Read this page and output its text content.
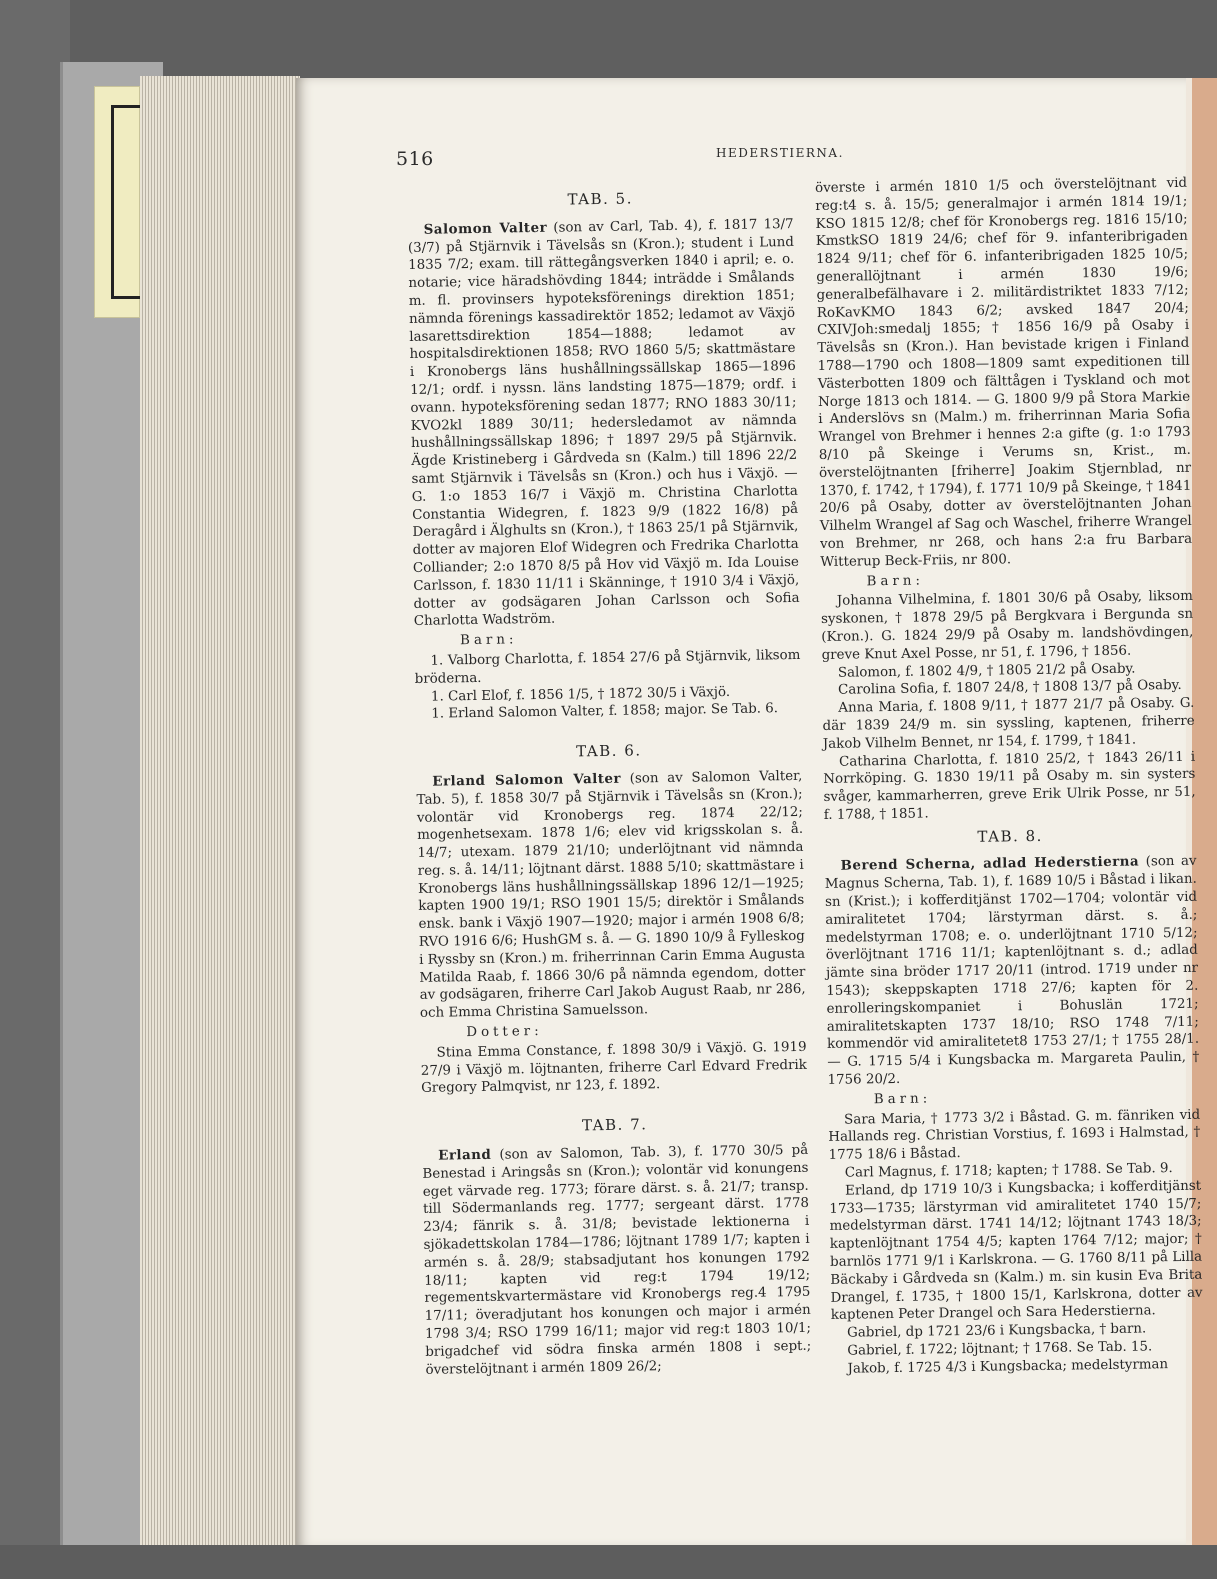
516	HEDERSTIERNA.
TAB. 5.
Salomon Valter (son av Carl, Tab. 4), f. 1817 13/7 (3/7) på Stjärnvik i Tävelsås sn (Kron.); student i Lund 1835 7/2; exam. till rättegångsverken 1840 i april; e. o. notarie; vice häradshövding 1844; inträdde i Smålands m. fl. provinsers hypoteksförenings direktion 1851; nämnda förenings kassadirektör 1852; ledamot av Växjö lasarettsdirektion 1854—1888; ledamot av hospitalsdirektionen 1858; RVO 1860 5/5; skattmästare i Kronobergs läns hushållningssällskap 1865—1896 12/1; ordf. i nyssn. läns landsting 1875—1879; ordf. i ovann. hypoteksförening sedan 1877; RNO 1883 30/11; KVO2kl 1889 30/11; hedersledamot av nämnda hushållningssällskap 1896; † 1897 29/5 på Stjärnvik. Ägde Kristineberg i Gårdveda sn (Kalm.) till 1896 22/2 samt Stjärnvik i Tävelsås sn (Kron.) och hus i Växjö. — G. 1:o 1853 16/7 i Växjö m. Christina Charlotta Constantia Widegren, f. 1823 9/9 (1822 16/8) på Deragård i Älghults sn (Kron.), † 1863 25/1 på Stjärnvik, dotter av majoren Elof Widegren och Fredrika Charlotta Colliander; 2:o 1870 8/5 på Hov vid Växjö m. Ida Louise Carlsson, f. 1830 11/11 i Skänninge, † 1910 3/4 i Växjö, dotter av godsägaren Johan Carlsson och Sofia Charlotta Wadström.
Barn:
1. Valborg Charlotta, f. 1854 27/6 på Stjärnvik, liksom bröderna.
1. Carl Elof, f. 1856 1/5, † 1872 30/5 i Växjö.
1. Erland Salomon Valter, f. 1858; major. Se Tab. 6.
TAB. 6.
Erland Salomon Valter (son av Salomon Valter, Tab. 5), f. 1858 30/7 på Stjärnvik i Tävelsås sn (Kron.); volontär vid Kronobergs reg. 1874 22/12; mogenhetsexam. 1878 1/6; elev vid krigsskolan s. å. 14/7; utexam. 1879 21/10; underlöjtnant vid nämnda reg. s. å. 14/11; löjtnant därst. 1888 5/10; skattmästare i Kronobergs läns hushållningssällskap 1896 12/1—1925; kapten 1900 19/1; RSO 1901 15/5; direktör i Smålands ensk. bank i Växjö 1907—1920; major i armén 1908 6/8; RVO 1916 6/6; HushGM s. å. — G. 1890 10/9 å Fylleskog i Ryssby sn (Kron.) m. friherrinnan Carin Emma Augusta Matilda Raab, f. 1866 30/6 på nämnda egendom, dotter av godsägaren, friherre Carl Jakob August Raab, nr 286, och Emma Christina Samuelsson.
Dotter:
Stina Emma Constance, f. 1898 30/9 i Växjö. G. 1919 27/9 i Växjö m. löjtnanten, friherre Carl Edvard Fredrik Gregory Palmqvist, nr 123, f. 1892.
TAB. 7.
Erland (son av Salomon, Tab. 3), f. 1770 30/5 på Benestad i Aringsås sn (Kron.); volontär vid konungens eget värvade reg. 1773; förare därst. s. å. 21/7; transp. till Södermanlands reg. 1777; sergeant därst. 1778 23/4; fänrik s. å. 31/8; bevistade lektionerna i sjökadettskolan 1784—1786; löjtnant 1789 1/7; kapten i armén s. å. 28/9; stabsadjutant hos konungen 1792 18/11; kapten vid reg:t 1794 19/12; regementskvartermästare vid Kronobergs reg.4 1795 17/11; överadjutant hos konungen och major i armén 1798 3/4; RSO 1799 16/11; major vid reg:t 1803 10/1; brigadchef vid södra finska armén 1808 i sept.; överstelöjtnant i armén 1809 26/2;
överste i armén 1810 1/5 och överstelöjtnant vid reg:t4 s. å. 15/5; generalmajor i armén 1814 19/1; KSO 1815 12/8; chef för Kronobergs reg. 1816 15/10; KmstkSO 1819 24/6; chef för 9. infanteribrigaden 1824 9/11; chef för 6. infanteribrigaden 1825 10/5; generallöjtnant i armén 1830 19/6; generalbefälhavare i 2. militärdistriktet 1833 7/12; RoKavKMO 1843 6/2; avsked 1847 20/4; CXIVJoh:smedalj 1855; † 1856 16/9 på Osaby i Tävelsås sn (Kron.). Han bevistade krigen i Finland 1788—1790 och 1808—1809 samt expeditionen till Västerbotten 1809 och fälttågen i Tyskland och mot Norge 1813 och 1814. — G. 1800 9/9 på Stora Markie i Anderslövs sn (Malm.) m. friherrinnan Maria Sofia Wrangel von Brehmer i hennes 2:a gifte (g. 1:o 1793 8/10 på Skeinge i Verums sn, Krist., m. överstelöjtnanten [friherre] Joakim Stjernblad, nr 1370, f. 1742, † 1794), f. 1771 10/9 på Skeinge, † 1841 20/6 på Osaby, dotter av överstelöjtnanten Johan Vilhelm Wrangel af Sag och Waschel, friherre Wrangel von Brehmer, nr 268, och hans 2:a fru Barbara Witterup Beck-Friis, nr 800.
Barn:
Johanna Vilhelmina, f. 1801 30/6 på Osaby, liksom syskonen, † 1878 29/5 på Bergkvara i Bergunda sn (Kron.). G. 1824 29/9 på Osaby m. landshövdingen, greve Knut Axel Posse, nr 51, f. 1796, † 1856.
Salomon, f. 1802 4/9, † 1805 21/2 på Osaby.
Carolina Sofia, f. 1807 24/8, † 1808 13/7 på Osaby.
Anna Maria, f. 1808 9/11, † 1877 21/7 på Osaby. G. där 1839 24/9 m. sin syssling, kaptenen, friherre Jakob Vilhelm Bennet, nr 154, f. 1799, † 1841.
Catharina Charlotta, f. 1810 25/2, † 1843 26/11 i Norrköping. G. 1830 19/11 på Osaby m. sin systers svåger, kammarherren, greve Erik Ulrik Posse, nr 51, f. 1788, † 1851.
TAB. 8.
Berend Scherna, adlad Hederstierna (son av Magnus Scherna, Tab. 1), f. 1689 10/5 i Båstad i likan. sn (Krist.); i kofferditjänst 1702—1704; volontär vid amiralitetet 1704; lärstyrman därst. s. å.; medelstyrman 1708; e. o. underlöjtnant 1710 5/12; överlöjtnant 1716 11/1; kaptenlöjtnant s. d.; adlad jämte sina bröder 1717 20/11 (introd. 1719 under nr 1543); skeppskapten 1718 27/6; kapten för 2. enrolleringskompaniet i Bohuslän 1721; amiralitetskapten 1737 18/10; RSO 1748 7/11; kommendör vid amiralitetet8 1753 27/1; † 1755 28/1. — G. 1715 5/4 i Kungsbacka m. Margareta Paulin, † 1756 20/2.
Barn:
Sara Maria, † 1773 3/2 i Båstad. G. m. fänriken vid Hallands reg. Christian Vorstius, f. 1693 i Halmstad, † 1775 18/6 i Båstad.
Carl Magnus, f. 1718; kapten; † 1788. Se Tab. 9.
Erland, dp 1719 10/3 i Kungsbacka; i kofferditjänst 1733—1735; lärstyrman vid amiralitetet 1740 15/7; medelstyrman därst. 1741 14/12; löjtnant 1743 18/3; kaptenlöjtnant 1754 4/5; kapten 1764 7/12; major; † barnlös 1771 9/1 i Karlskrona. — G. 1760 8/11 på Lilla Bäckaby i Gårdveda sn (Kalm.) m. sin kusin Eva Brita Drangel, f. 1735, † 1800 15/1, Karlskrona, dotter av kaptenen Peter Drangel och Sara Hederstierna.
Gabriel, dp 1721 23/6 i Kungsbacka, † barn.
Gabriel, f. 1722; löjtnant; † 1768. Se Tab. 15.
Jakob, f. 1725 4/3 i Kungsbacka; medelstyrman
